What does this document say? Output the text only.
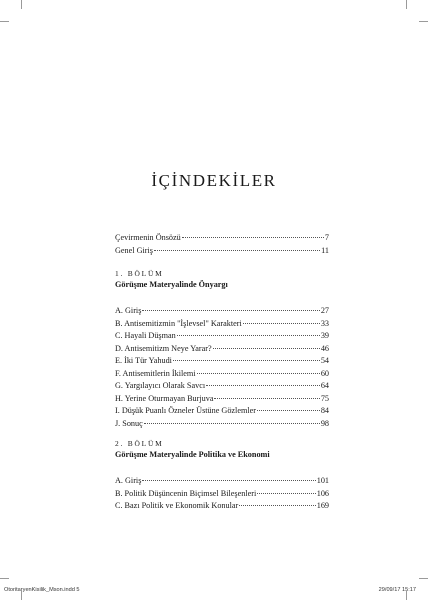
İÇİNDEKİLER
Çevirmenin Önsözü	7
Genel Giriş	11
1. BÖLÜM
Görüşme Materyalinde Önyargı
A. Giriş	27
B. Antisemitizmin "İşlevsel" Karakteri	33
C. Hayali Düşman	39
D. Antisemitizm Neye Yarar?	46
E. İki Tür Yahudi	54
F. Antisemitlerin İkilemi	60
G. Yargılayıcı Olarak Savcı	64
H. Yerine Oturmayan Burjuva	75
I. Düşük Puanlı Özneler Üstüne Gözlemler	84
J. Sonuç	98
2. BÖLÜM
Görüşme Materyalinde Politika ve Ekonomi
A. Giriş	101
B. Politik Düşüncenin Biçimsel Bileşenleri	106
C. Bazı Politik ve Ekonomik Konular	169
OtoritaryenKisilik_Mson.indd 5	29/09/17 15:17
